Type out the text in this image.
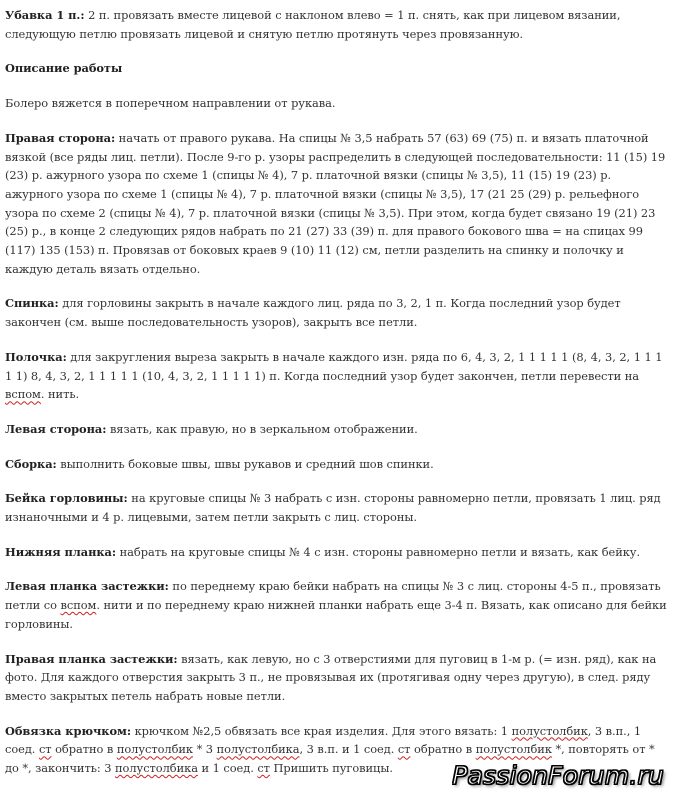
Убавка 1 п.: 2 п. провязать вместе лицевой с наклоном влево = 1 п. снять, как при лицевом вязании, следующую петлю провязать лицевой и снятую петлю протянуть через провязанную.

Описание работы

Болеро вяжется в поперечном направлении от рукава.

Правая сторона: начать от правого рукава. На спицы № 3,5 набрать 57 (63) 69 (75) п. и вязать платочной вязкой (все ряды лиц. петли). После 9-го р. узоры распределить в следующей последовательности: 11 (15) 19 (23) р. ажурного узора по схеме 1 (спицы № 4), 7 р. платочной вязки (спицы № 3,5), 11 (15) 19 (23) р. ажурного узора по схеме 1 (спицы № 4), 7 р. платочной вязки (спицы № 3,5), 17 (21 25 (29) р. рельефного узора по схеме 2 (спицы № 4), 7 р. платочной вязки (спицы № 3,5). При этом, когда будет связано 19 (21) 23 (25) р., в конце 2 следующих рядов набрать по 21 (27) 33 (39) п. для правого бокового шва = на спицах 99 (117) 135 (153) п. Провязав от боковых краев 9 (10) 11 (12) см, петли разделить на спинку и полочку и каждую деталь вязать отдельно.

Спинка: для горловины закрыть в начале каждого лиц. ряда по 3, 2, 1 п. Когда последний узор будет закончен (см. выше последовательность узоров), закрыть все петли.

Полочка: для закругления выреза закрыть в начале каждого изн. ряда по 6, 4, 3, 2, 1 1 1 1 1 (8, 4, 3, 2, 1 1 1 1 1) 8, 4, 3, 2, 1 1 1 1 1 (10, 4, 3, 2, 1 1 1 1 1) п. Когда последний узор будет закончен, петли перевести на вспом. нить.

Левая сторона: вязать, как правую, но в зеркальном отображении.

Сборка: выполнить боковые швы, швы рукавов и средний шов спинки.

Бейка горловины: на круговые спицы № 3 набрать с изн. стороны равномерно петли, провязать 1 лиц. ряд изнаночными и 4 р. лицевыми, затем петли закрыть с лиц. стороны.

Нижняя планка: набрать на круговые спицы № 4 с изн. стороны равномерно петли и вязать, как бейку.

Левая планка застежки: по переднему краю бейки набрать на спицы № 3 с лиц. стороны 4-5 п., провязать петли со вспом. нити и по переднему краю нижней планки набрать еще 3-4 п. Вязать, как описано для бейки горловины.

Правая планка застежки: вязать, как левую, но с 3 отверстиями для пуговиц в 1-м р. (= изн. ряд), как на фото. Для каждого отверстия закрыть 3 п., не провязывая их (протягивая одну через другую), в след. ряду вместо закрытых петель набрать новые петли.

Обвязка крючком: крючком №2,5 обвязать все края изделия. Для этого вязать: 1 полустолбик, 3 в.п., 1 соед. ст обратно в полустолбик * 3 полустолбика, 3 в.п. и 1 соед. ст обратно в полустолбик *, повторять от * до *, закончить: 3 полустолбика и 1 соед. ст Пришить пуговицы.	PassionForum.ru
